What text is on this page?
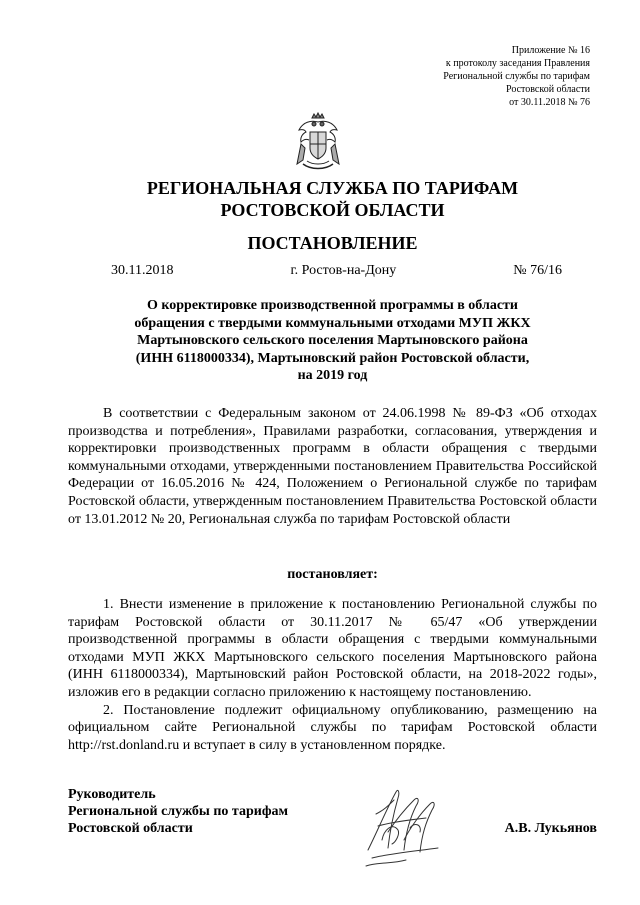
Приложение № 16
к протоколу заседания Правления
Региональной службы по тарифам
Ростовской области
от 30.11.2018 № 76
РЕГИОНАЛЬНАЯ СЛУЖБА ПО ТАРИФАМ
РОСТОВСКОЙ ОБЛАСТИ
ПОСТАНОВЛЕНИЕ
30.11.2018	г. Ростов-на-Дону	№ 76/16
О корректировке производственной программы в области
обращения с твердыми коммунальными отходами МУП ЖКХ
Мартыновского сельского поселения Мартыновского района
(ИНН 6118000334), Мартыновский район Ростовской области,
на 2019 год
В соответствии с Федеральным законом от 24.06.1998 № 89-ФЗ «Об отходах производства и потребления», Правилами разработки, согласования, утверждения и корректировки производственных программ в области обращения с твердыми коммунальными отходами, утвержденными постановлением Правительства Российской Федерации от 16.05.2016 № 424, Положением о Региональной службе по тарифам Ростовской области, утвержденным постановлением Правительства Ростовской области от 13.01.2012 № 20, Региональная служба по тарифам Ростовской области
постановляет:

1. Внести изменение в приложение к постановлению Региональной службы по тарифам Ростовской области от 30.11.2017 № 65/47 «Об утверждении производственной программы в области обращения с твердыми коммунальными отходами МУП ЖКХ Мартыновского сельского поселения Мартыновского района (ИНН 6118000334), Мартыновский район Ростовской области, на 2018-2022 годы», изложив его в редакции согласно приложению к настоящему постановлению.

2. Постановление подлежит официальному опубликованию, размещению на официальном сайте Региональной службы по тарифам Ростовской области http://rst.donland.ru и вступает в силу в установленном порядке.

Руководитель
Региональной службы по тарифам
Ростовской области	А.В. Лукьянов
